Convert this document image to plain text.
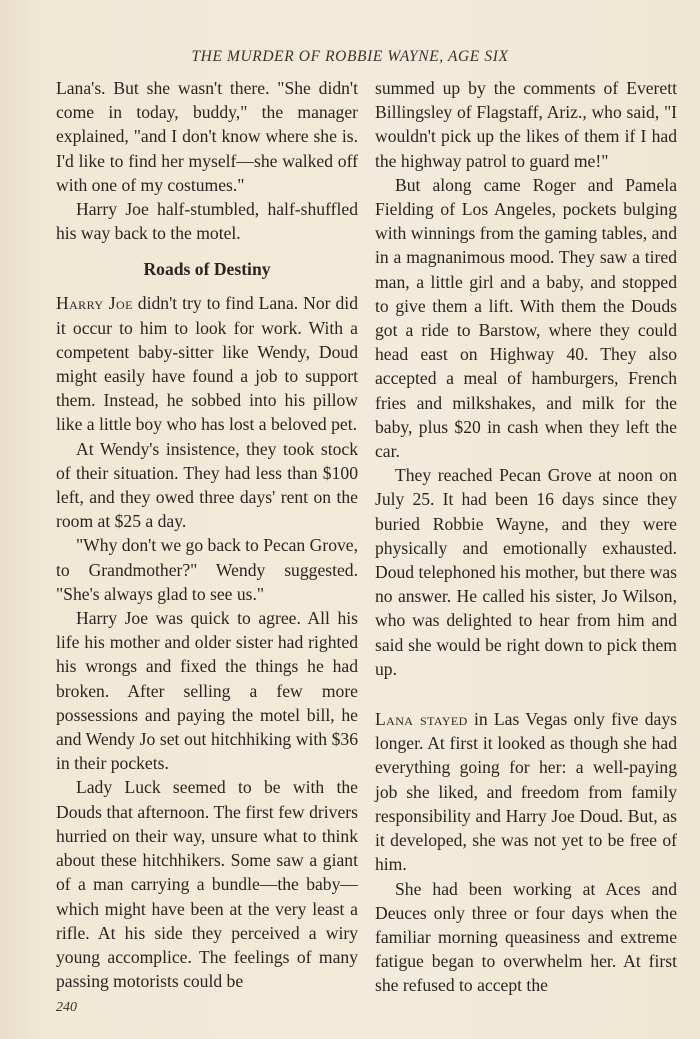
THE MURDER OF ROBBIE WAYNE, AGE SIX

Lana's. But she wasn't there. "She didn't come in today, buddy," the manager explained, "and I don't know where she is. I'd like to find her myself—she walked off with one of my costumes."

Harry Joe half-stumbled, half-shuffled his way back to the motel.

Roads of Destiny

Harry Joe didn't try to find Lana. Nor did it occur to him to look for work. With a competent baby-sitter like Wendy, Doud might easily have found a job to support them. Instead, he sobbed into his pillow like a little boy who has lost a beloved pet.

At Wendy's insistence, they took stock of their situation. They had less than $100 left, and they owed three days' rent on the room at $25 a day.

"Why don't we go back to Pecan Grove, to Grandmother?" Wendy suggested. "She's always glad to see us."

Harry Joe was quick to agree. All his life his mother and older sister had righted his wrongs and fixed the things he had broken. After selling a few more possessions and paying the motel bill, he and Wendy Jo set out hitchhiking with $36 in their pockets.

Lady Luck seemed to be with the Douds that afternoon. The first few drivers hurried on their way, unsure what to think about these hitchhikers. Some saw a giant of a man carrying a bundle—the baby—which might have been at the very least a rifle. At his side they perceived a wiry young accomplice. The feelings of many passing motorists could be

summed up by the comments of Everett Billingsley of Flagstaff, Ariz., who said, "I wouldn't pick up the likes of them if I had the highway patrol to guard me!"

But along came Roger and Pamela Fielding of Los Angeles, pockets bulging with winnings from the gaming tables, and in a magnanimous mood. They saw a tired man, a little girl and a baby, and stopped to give them a lift. With them the Douds got a ride to Barstow, where they could head east on Highway 40. They also accepted a meal of hamburgers, French fries and milkshakes, and milk for the baby, plus $20 in cash when they left the car.

They reached Pecan Grove at noon on July 25. It had been 16 days since they buried Robbie Wayne, and they were physically and emotionally exhausted. Doud telephoned his mother, but there was no answer. He called his sister, Jo Wilson, who was delighted to hear from him and said she would be right down to pick them up.

Lana stayed in Las Vegas only five days longer. At first it looked as though she had everything going for her: a well-paying job she liked, and freedom from family responsibility and Harry Joe Doud. But, as it developed, she was not yet to be free of him.

She had been working at Aces and Deuces only three or four days when the familiar morning queasiness and extreme fatigue began to overwhelm her. At first she refused to accept the

240
